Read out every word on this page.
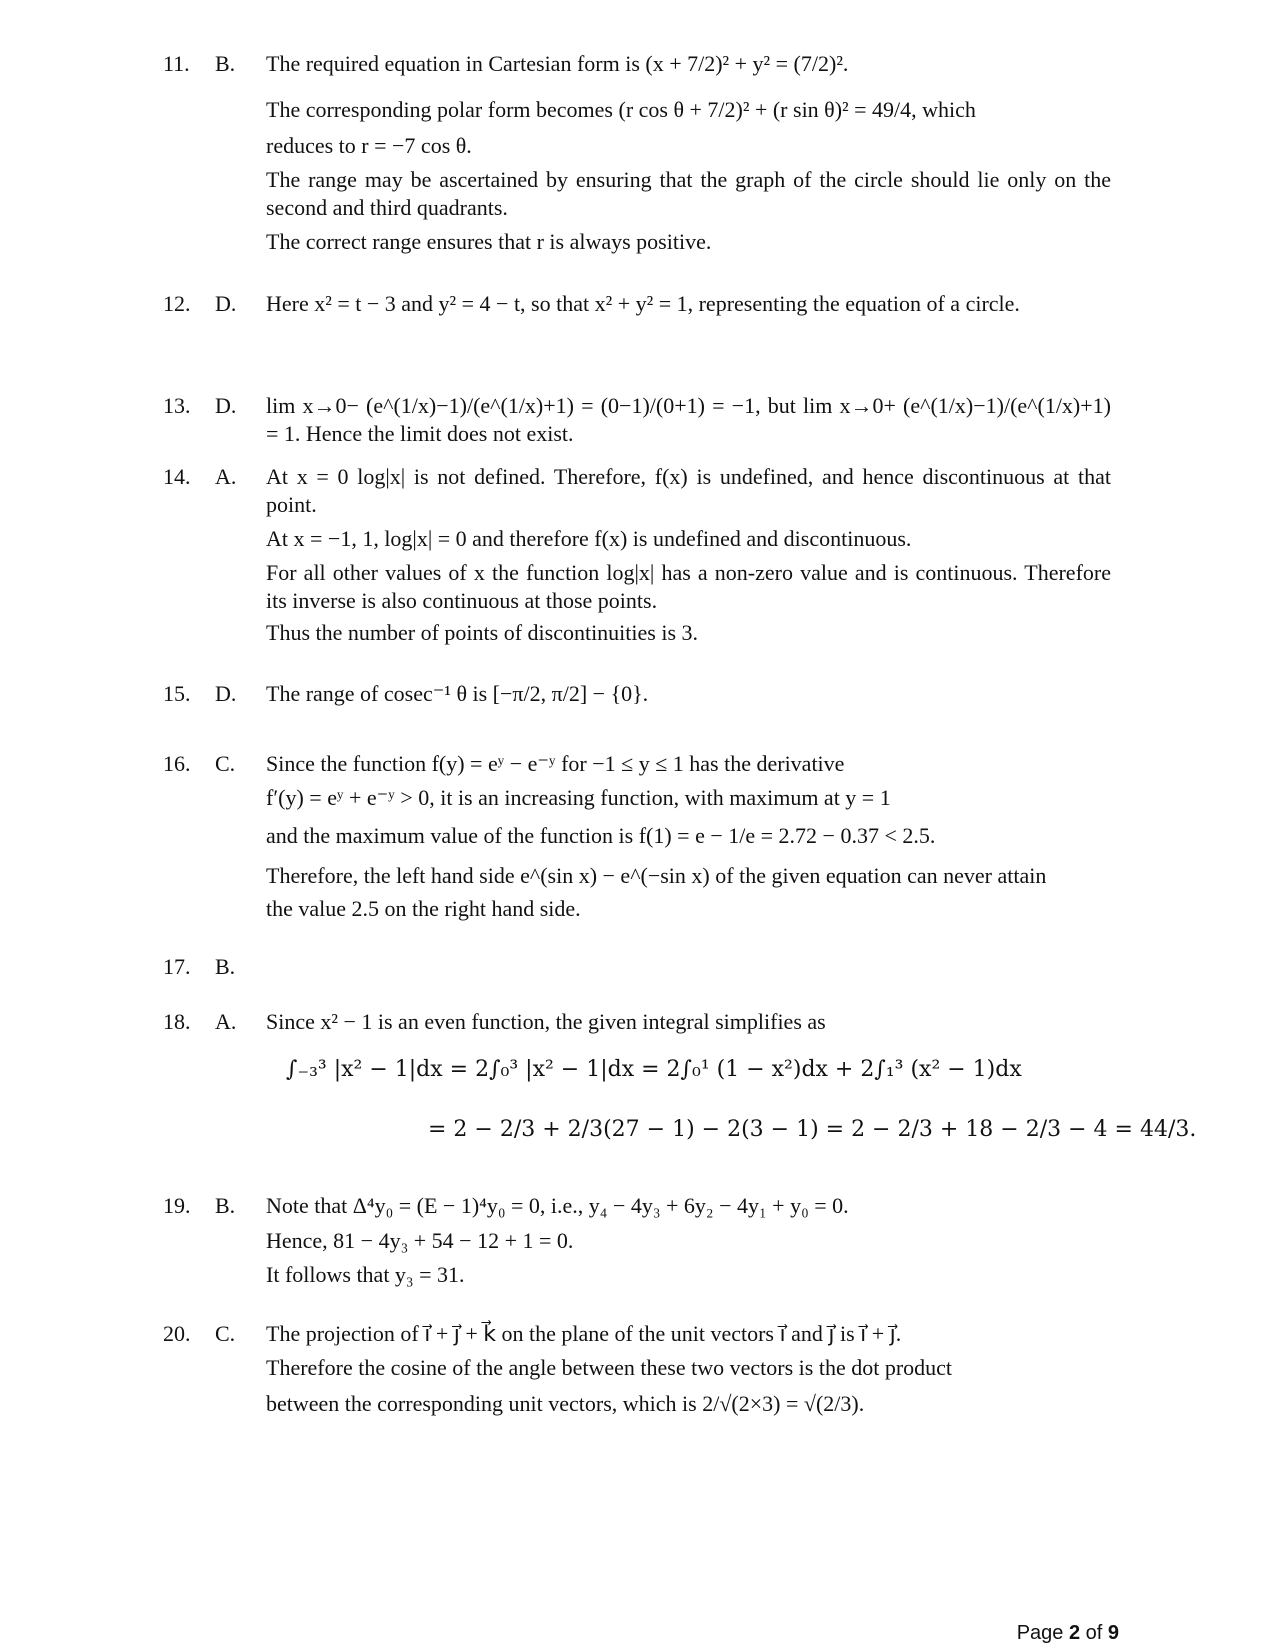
11. B. The required equation in Cartesian form is (x + 7/2)² + y² = (7/2)².
The corresponding polar form becomes (r cos θ + 7/2)² + (r sin θ)² = 49/4, which
reduces to r = −7 cos θ.
The range may be ascertained by ensuring that the graph of the circle should lie only on the second and third quadrants.
The correct range ensures that r is always positive.
12. D. Here x² = t − 3 and y² = 4 − t, so that x² + y² = 1, representing the equation of a circle.
13. D. lim x→0− (e^(1/x)−1)/(e^(1/x)+1) = (0−1)/(0+1) = −1, but lim x→0+ (e^(1/x)−1)/(e^(1/x)+1) = 1. Hence the limit does not exist.
14. A. At x = 0 log|x| is not defined. Therefore, f(x) is undefined, and hence discontinuous at that point.
At x = −1, 1, log|x| = 0 and therefore f(x) is undefined and discontinuous.
For all other values of x the function log|x| has a non-zero value and is continuous. Therefore its inverse is also continuous at those points.
Thus the number of points of discontinuities is 3.
15. D. The range of cosec⁻¹ θ is [−π/2, π/2] − {0}.
16. C. Since the function f(y) = eʸ − e⁻ʸ for −1 ≤ y ≤ 1 has the derivative
f′(y) = eʸ + e⁻ʸ > 0, it is an increasing function, with maximum at y = 1
and the maximum value of the function is f(1) = e − 1/e = 2.72 − 0.37 < 2.5.
Therefore, the left hand side e^(sin x) − e^(−sin x) of the given equation can never attain
the value 2.5 on the right hand side.
17. B.
18. A. Since x² − 1 is an even function, the given integral simplifies as
∫₋₃³ |x² − 1|dx = 2∫₀³ |x² − 1|dx = 2∫₀¹ (1 − x²)dx + 2∫₁³ (x² − 1)dx
= 2 − 2/3 + 2/3(27 − 1) − 2(3 − 1) = 2 − 2/3 + 18 − 2/3 − 4 = 44/3.
19. B. Note that Δ⁴y₀ = (E − 1)⁴y₀ = 0, i.e., y₄ − 4y₃ + 6y₂ − 4y₁ + y₀ = 0.
Hence, 81 − 4y₃ + 54 − 12 + 1 = 0.
It follows that y₃ = 31.
20. C. The projection of i⃗ + j⃗ + k⃗ on the plane of the unit vectors i⃗ and j⃗ is i⃗ + j⃗.
Therefore the cosine of the angle between these two vectors is the dot product
between the corresponding unit vectors, which is 2/√(2×3) = √(2/3).
Page 2 of 9
